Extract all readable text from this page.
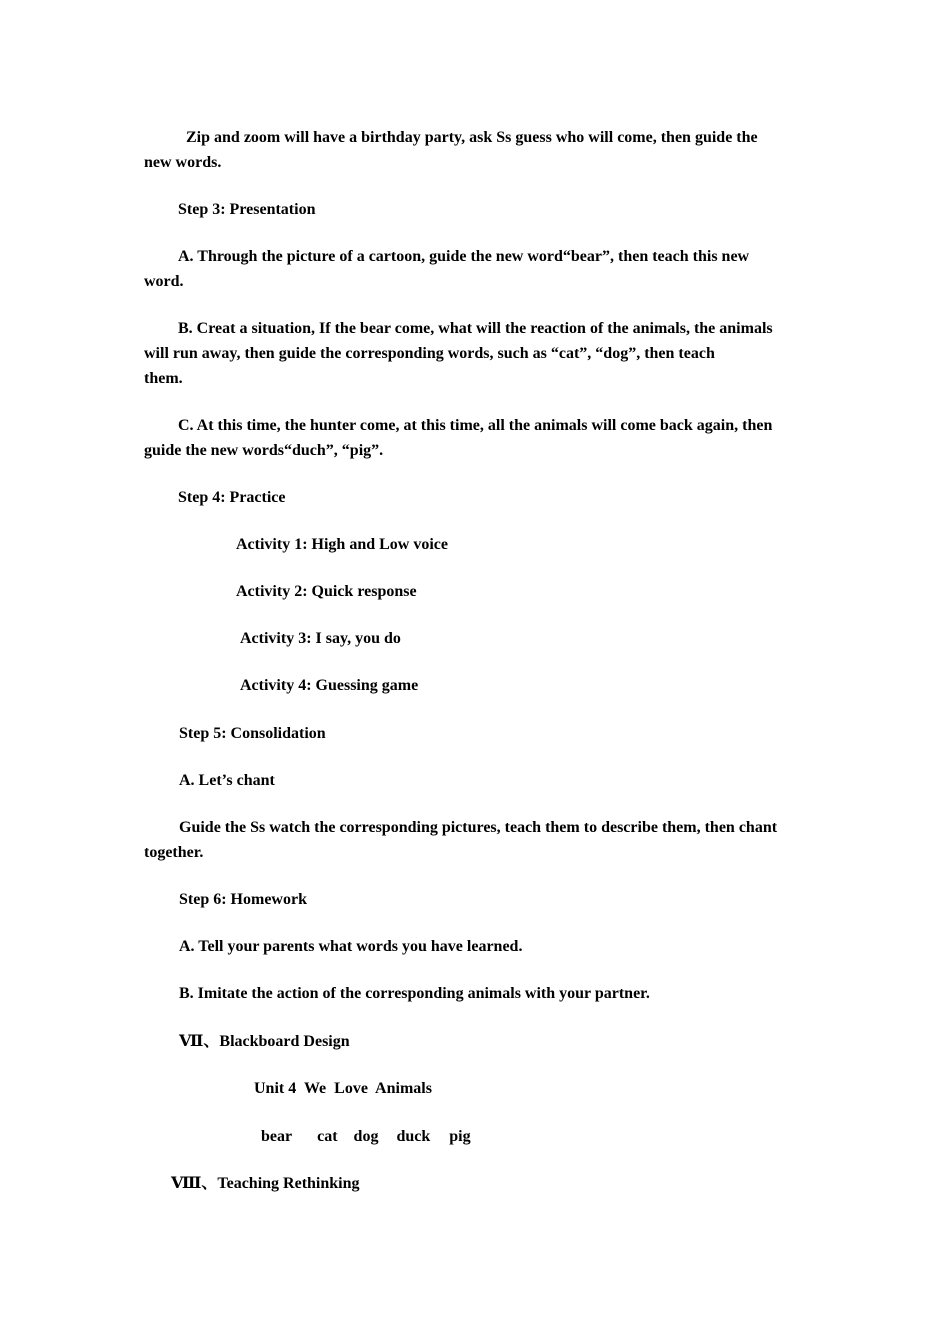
Zip and zoom will have a birthday party, ask Ss guess who will come, then guide the

new words.

Step 3: Presentation

A. Through the picture of a cartoon, guide the new word“bear”, then teach this new

word.

B. Creat a situation, If the bear come, what will the reaction of the animals, the animals

will run away, then guide the corresponding words, such as “cat”, “dog”, then teach

them.

C. At this time, the hunter come, at this time, all the animals will come back again, then

guide the new words“duch”, “pig”.

Step 4: Practice

Activity 1: High and Low voice

Activity 2: Quick response

Activity 3: I say, you do

Activity 4: Guessing game

Step 5: Consolidation

A. Let’s chant

Guide the Ss watch the corresponding pictures, teach them to describe them, then chant

together.

Step 6: Homework

A. Tell your parents what words you have learned.

B. Imitate the action of the corresponding animals with your partner.

Ⅶ、Blackboard Design

Unit 4  We  Love  Animals

bear cat dog duck pig

Ⅷ、Teaching Rethinking
